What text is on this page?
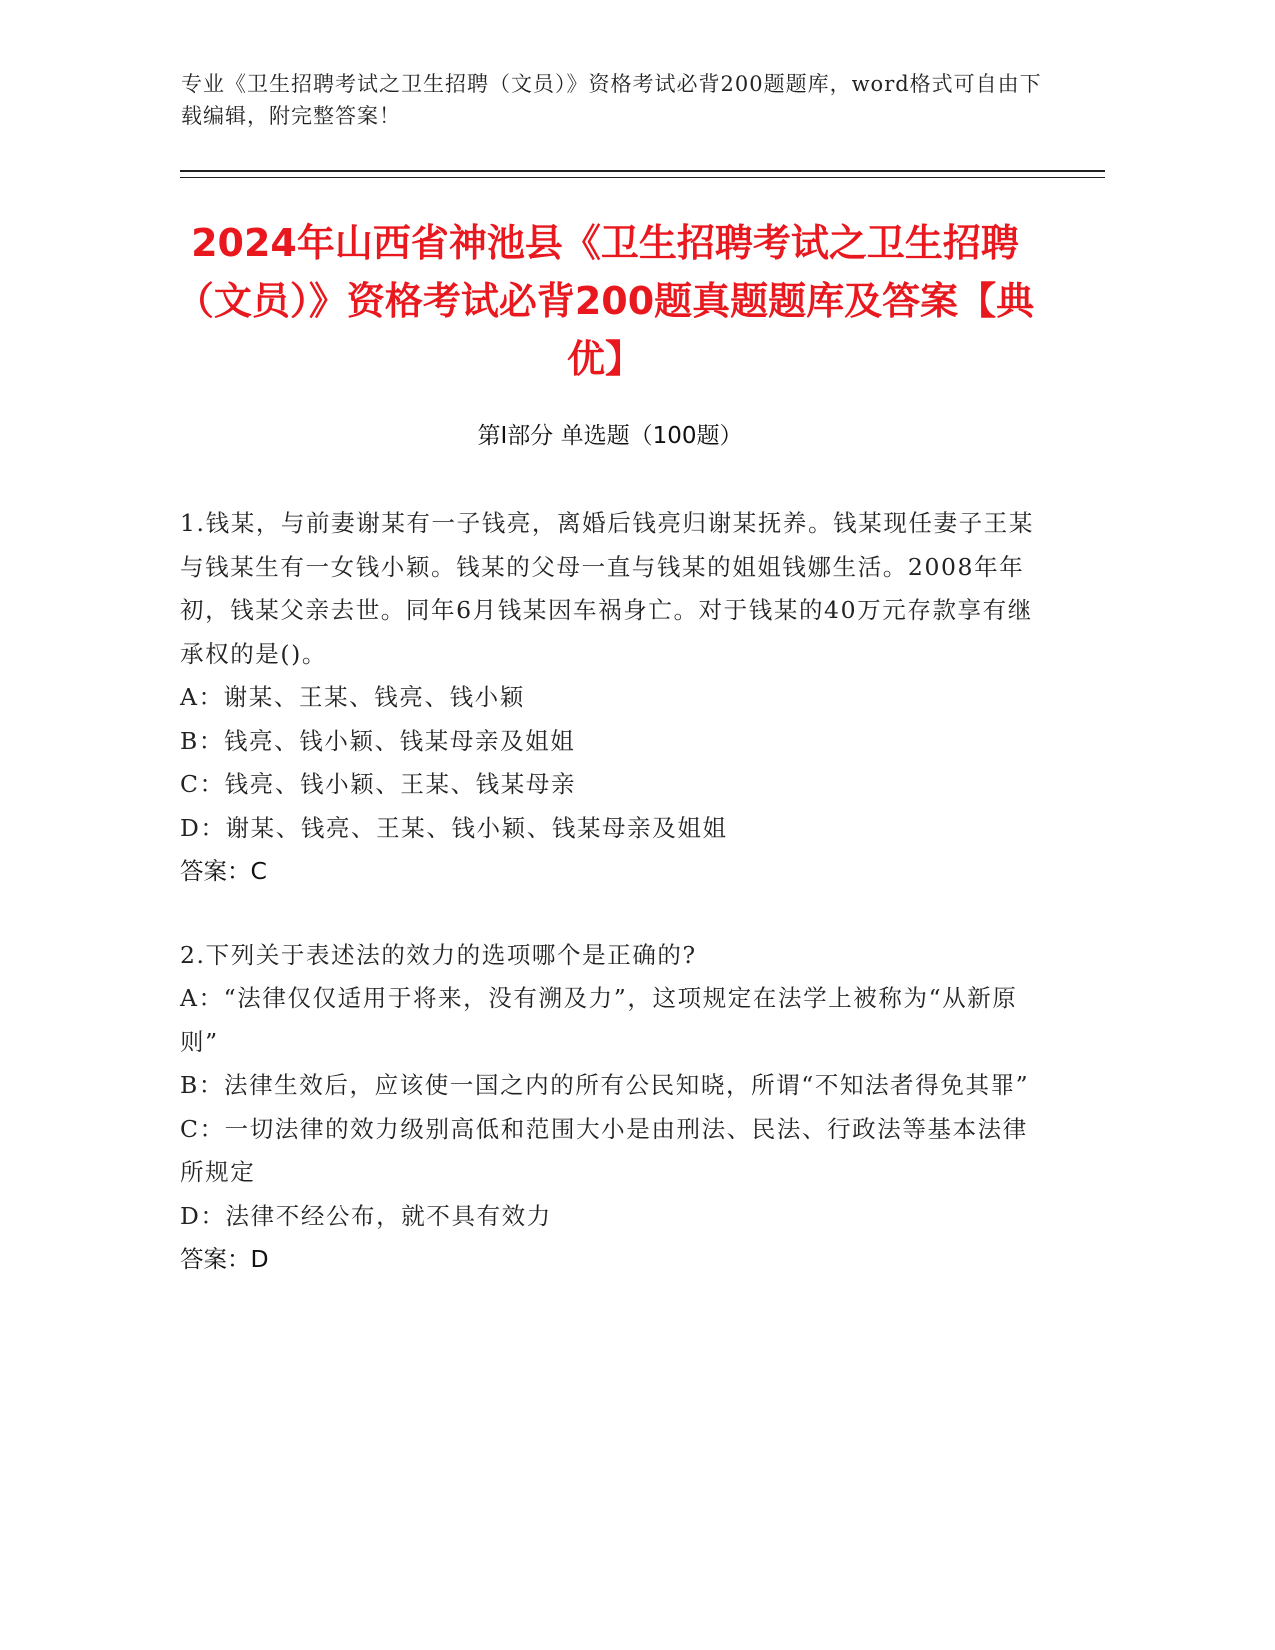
专业《卫生招聘考试之卫生招聘（文员）》资格考试必背200题题库，word格式可自由下载编辑，附完整答案！
2024年山西省神池县《卫生招聘考试之卫生招聘（文员）》资格考试必背200题真题题库及答案【典优】
第Ⅰ部分 单选题（100题）

1.钱某，与前妻谢某有一子钱亮，离婚后钱亮归谢某抚养。钱某现任妻子王某与钱某生有一女钱小颖。钱某的父母一直与钱某的姐姐钱娜生活。2008年年初，钱某父亲去世。同年6月钱某因车祸身亡。对于钱某的40万元存款享有继承权的是()。

A：谢某、王某、钱亮、钱小颖

B：钱亮、钱小颖、钱某母亲及姐姐

C：钱亮、钱小颖、王某、钱某母亲

D：谢某、钱亮、王某、钱小颖、钱某母亲及姐姐

答案：C

2.下列关于表述法的效力的选项哪个是正确的?

A：“法律仅仅适用于将来，没有溯及力”，这项规定在法学上被称为“从新原则”

B：法律生效后，应该使一国之内的所有公民知晓，所谓“不知法者得免其罪”

C：一切法律的效力级别高低和范围大小是由刑法、民法、行政法等基本法律所规定

D：法律不经公布，就不具有效力

答案：D
